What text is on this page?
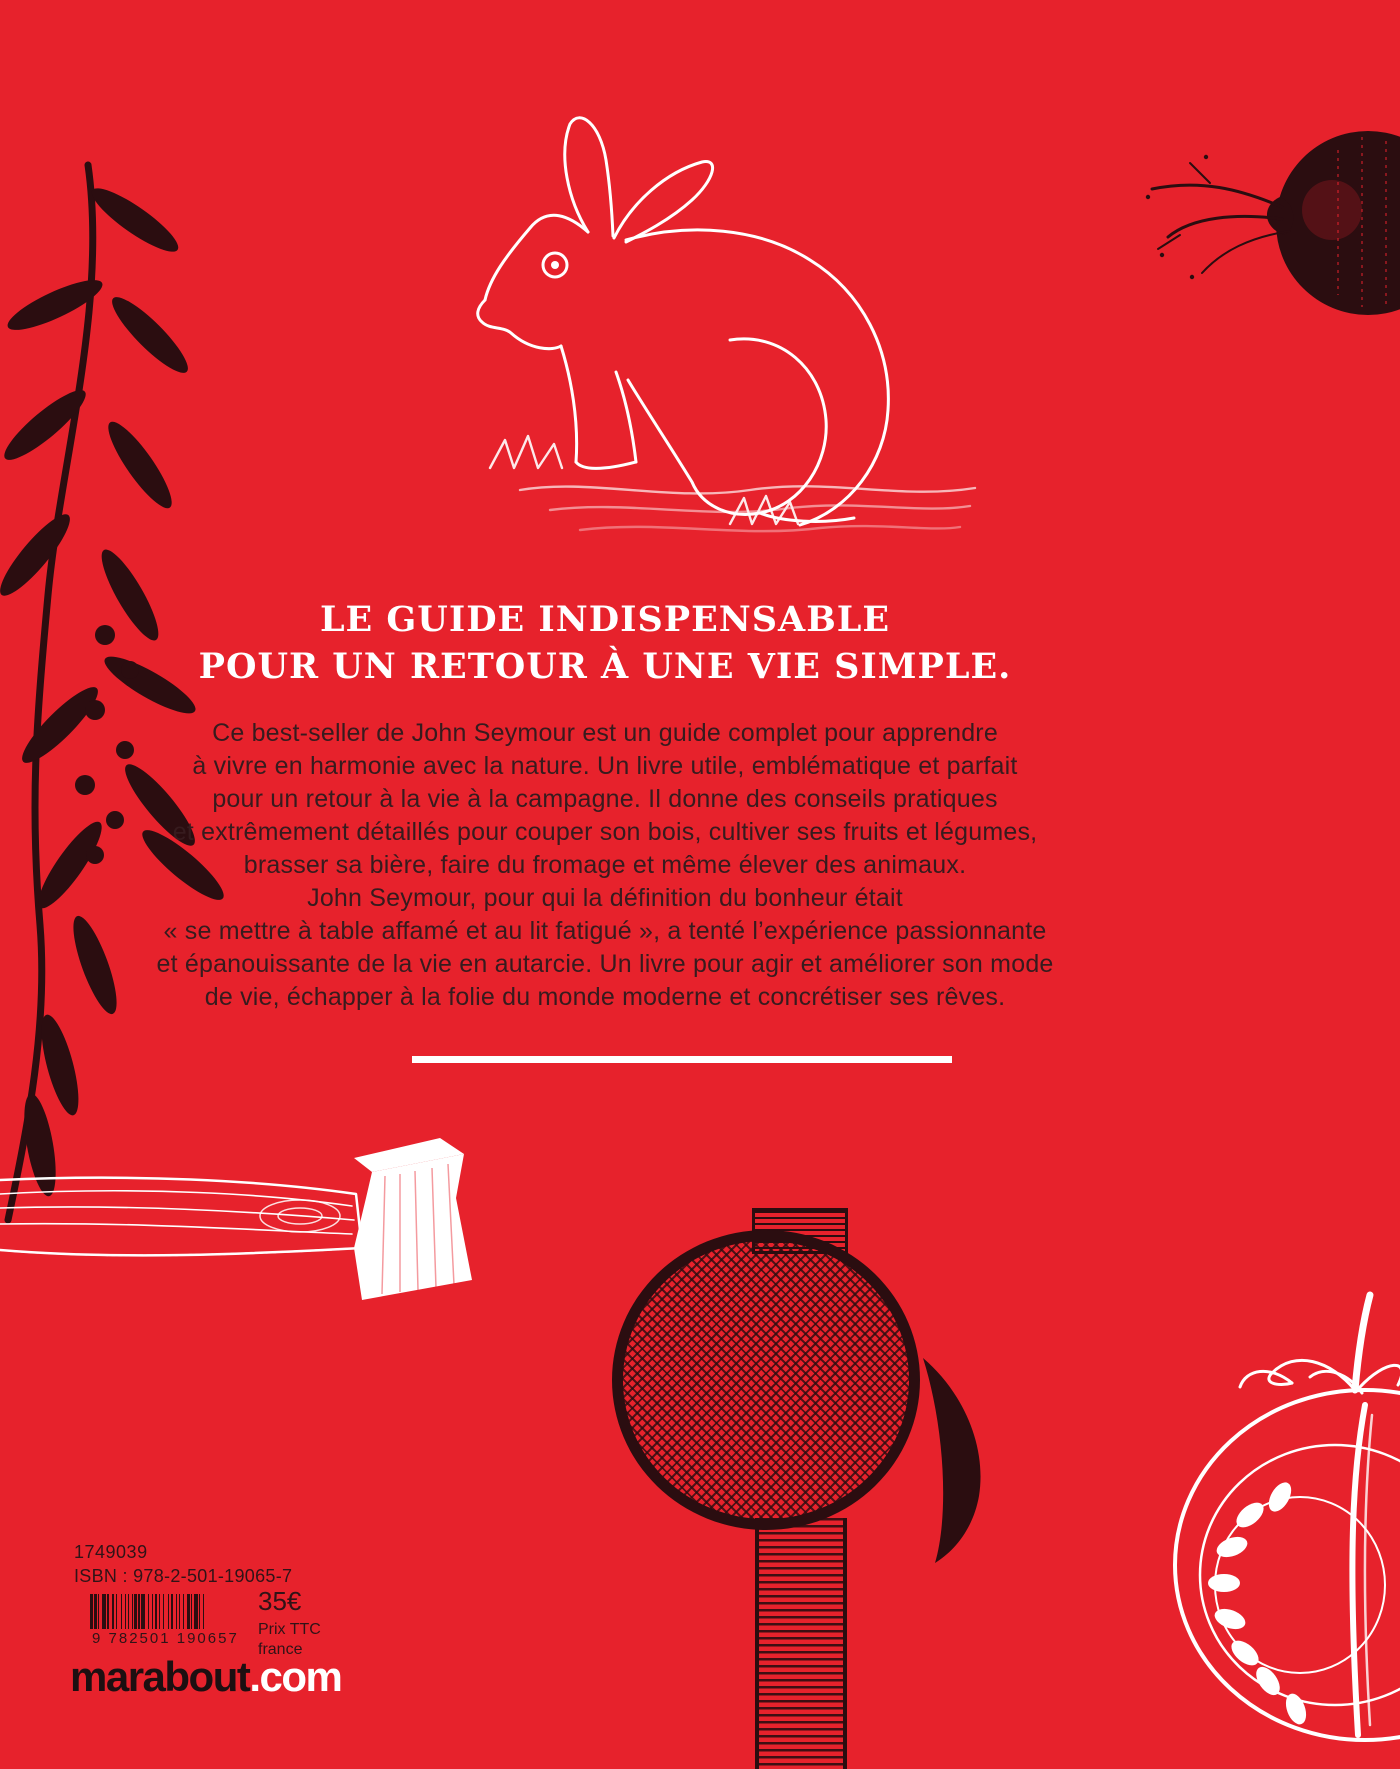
LE GUIDE INDISPENSABLE
POUR UN RETOUR À UNE VIE SIMPLE.
Ce best-seller de John Seymour est un guide complet pour apprendre
à vivre en harmonie avec la nature. Un livre utile, emblématique et parfait
pour un retour à la vie à la campagne. Il donne des conseils pratiques
et extrêmement détaillés pour couper son bois, cultiver ses fruits et légumes,
brasser sa bière, faire du fromage et même élever des animaux.
John Seymour, pour qui la définition du bonheur était
« se mettre à table affamé et au lit fatigué », a tenté l’expérience passionnante
et épanouissante de la vie en autarcie. Un livre pour agir et améliorer son mode
de vie, échapper à la folie du monde moderne et concrétiser ses rêves.
1749039
ISBN : 978-2-501-19065-7
9 782501 190657
35€
Prix TTC
france
marabout.com
